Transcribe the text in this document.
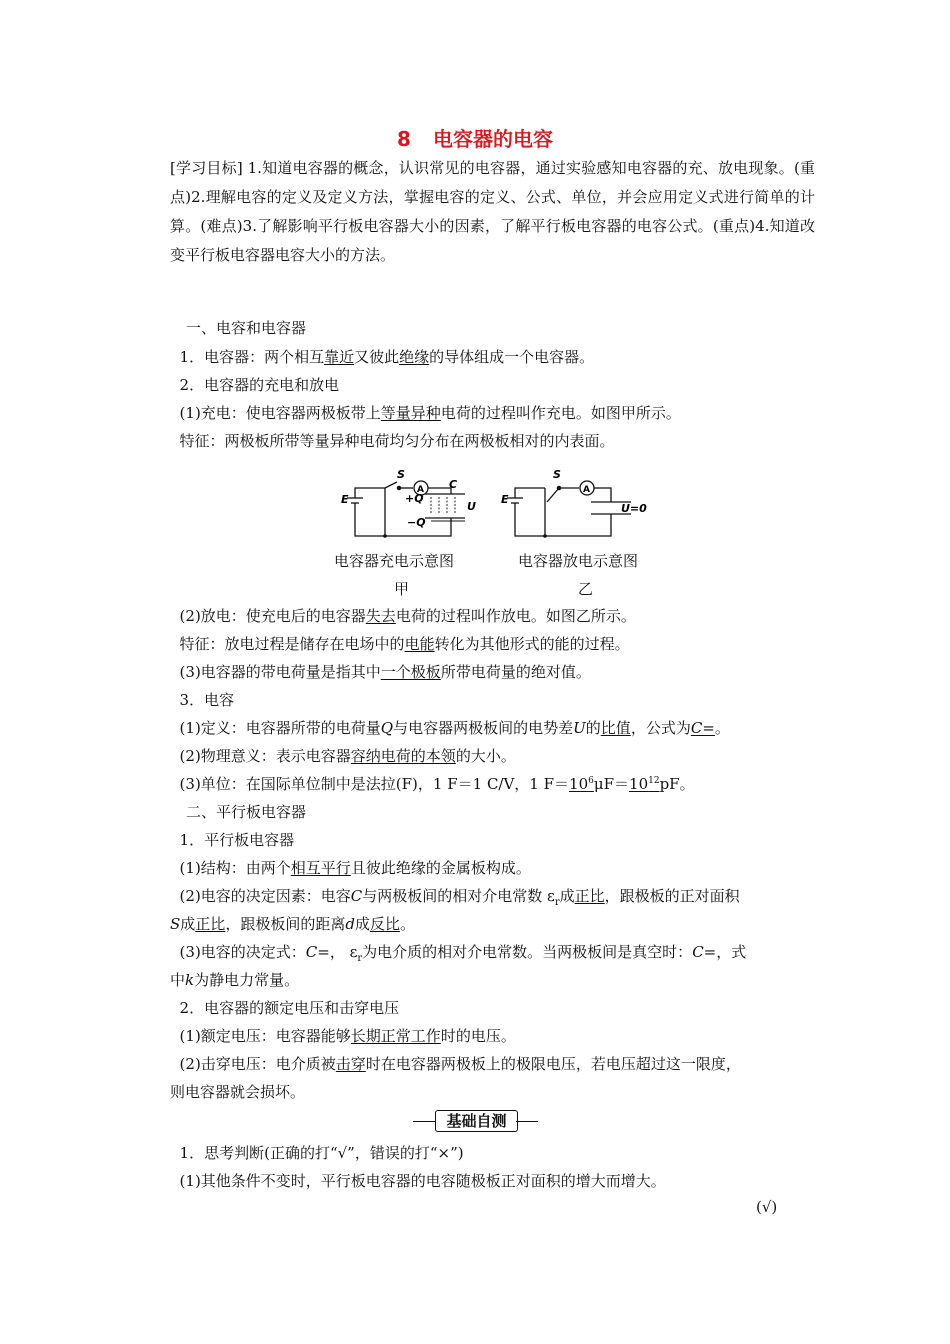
8 电容器的电容

[学习目标] 1.知道电容器的概念，认识常见的电容器，通过实验感知电容器的充、放电现象。(重点)2.理解电容的定义及定义方法，掌握电容的定义、公式、单位，并会应用定义式进行简单的计算。(难点)3.了解影响平行板电容器大小的因素，了解平行板电容器的电容公式。(重点)4.知道改变平行板电容器电容大小的方法。

一、电容和电容器
1．电容器：两个相互靠近又彼此绝缘的导体组成一个电容器。
2．电容器的充电和放电
(1)充电：使电容器两极板带上等量异种电荷的过程叫作充电。如图甲所示。
特征：两极板所带等量异种电荷均匀分布在两极板相对的内表面。
E
S
A C
+Q
−Q
U
E
S
A
U=0
电容器充电示意图
甲
电容器放电示意图
乙
(2)放电：使充电后的电容器失去电荷的过程叫作放电。如图乙所示。
特征：放电过程是储存在电场中的电能转化为其他形式的能的过程。
(3)电容器的带电荷量是指其中一个极板所带电荷量的绝对值。
3．电容
(1)定义：电容器所带的电荷量Q与电容器两极板间的电势差U的比值，公式为C=。
(2)物理意义：表示电容器容纳电荷的本领的大小。
(3)单位：在国际单位制中是法拉(F)，1 F＝1 C/V，1 $F=10^6\mu F=10^{12}pF$。
二、平行板电容器
1．平行板电容器
(1)结构：由两个相互平行且彼此绝缘的金属板构成。
(2)电容的决定因素：电容C与两极板间的相对介电常数 $\varepsilon_r$成正比，跟极板的正对面积
S成正比，跟极板间的距离d成反比。
(3)电容的决定式：C=， $\varepsilon_r$为电介质的相对介电常数。当两极板间是真空时：C=，式
中k为静电力常量。
2．电容器的额定电压和击穿电压
(1)额定电压：电容器能够长期正常工作时的电压。
(2)击穿电压：电介质被击穿时在电容器两极板上的极限电压，若电压超过这一限度，
则电容器就会损坏。
基础自测
1．思考判断(正确的打“√”，错误的打“×”)
(1)其他条件不变时，平行板电容器的电容随极板正对面积的增大而增大。
(√)
